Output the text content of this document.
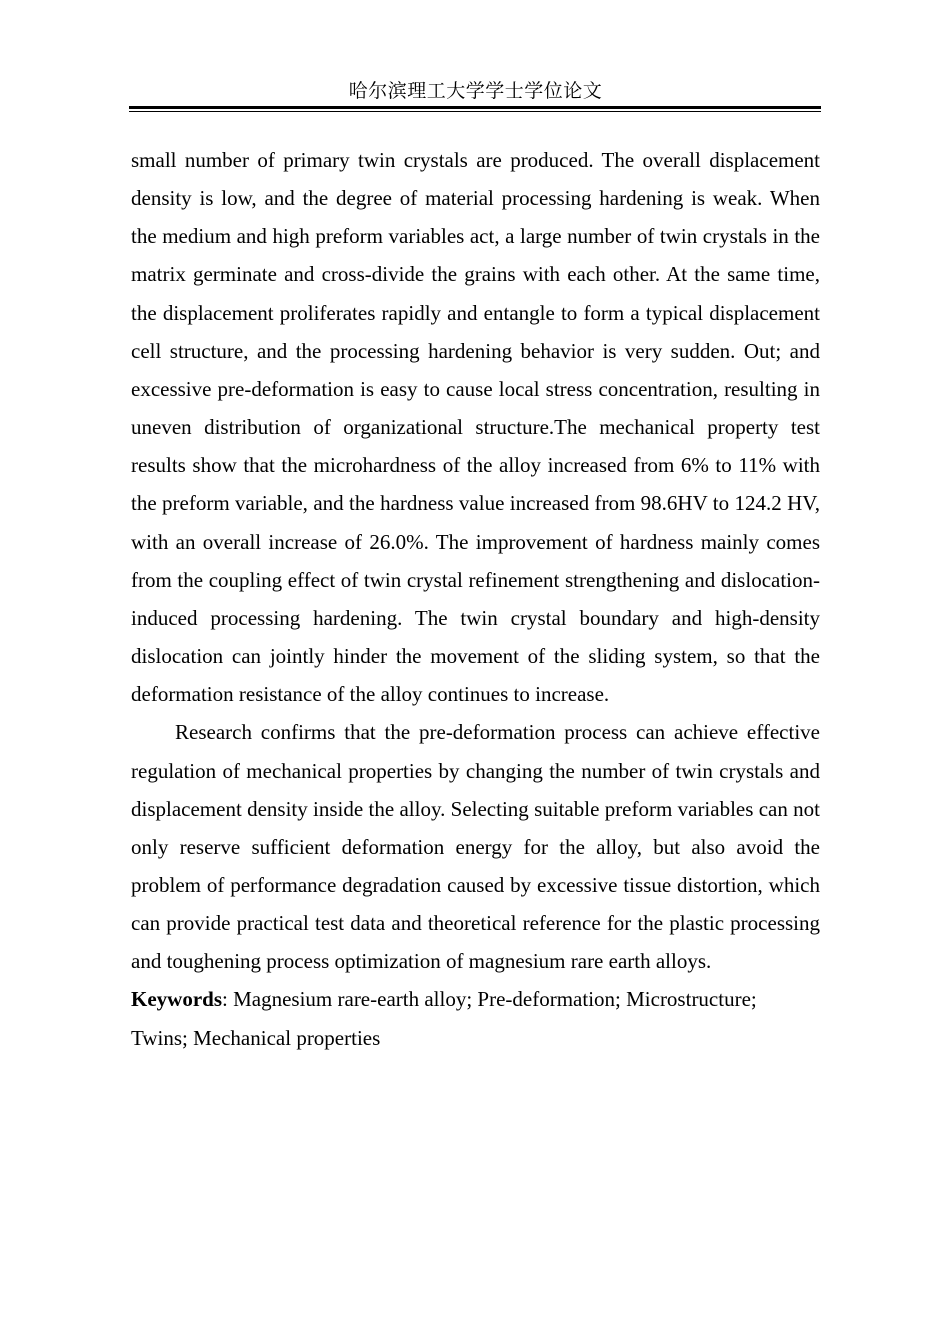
哈尔滨理工大学学士学位论文

small number of primary twin crystals are produced. The overall displacement density is low, and the degree of material processing hardening is weak. When the medium and high preform variables act, a large number of twin crystals in the matrix germinate and cross-divide the grains with each other. At the same time, the displacement proliferates rapidly and entangle to form a typical displacement cell structure, and the processing hardening behavior is very sudden. Out; and excessive pre-deformation is easy to cause local stress concentration, resulting in uneven distribution of organizational structure.The mechanical property test results show that the microhardness of the alloy increased from 6% to 11% with the preform variable, and the hardness value increased from 98.6HV to 124.2 HV, with an overall increase of 26.0%. The improvement of hardness mainly comes from the coupling effect of twin crystal refinement strengthening and dislocation-induced processing hardening. The twin crystal boundary and high-density dislocation can jointly hinder the movement of the sliding system, so that the deformation resistance of the alloy continues to increase.

Research confirms that the pre-deformation process can achieve effective regulation of mechanical properties by changing the number of twin crystals and displacement density inside the alloy. Selecting suitable preform variables can not only reserve sufficient deformation energy for the alloy, but also avoid the problem of performance degradation caused by excessive tissue distortion, which can provide practical test data and theoretical reference for the plastic processing and toughening process optimization of magnesium rare earth alloys.

Keywords: Magnesium rare-earth alloy; Pre-deformation; Microstructure;
Twins; Mechanical properties
